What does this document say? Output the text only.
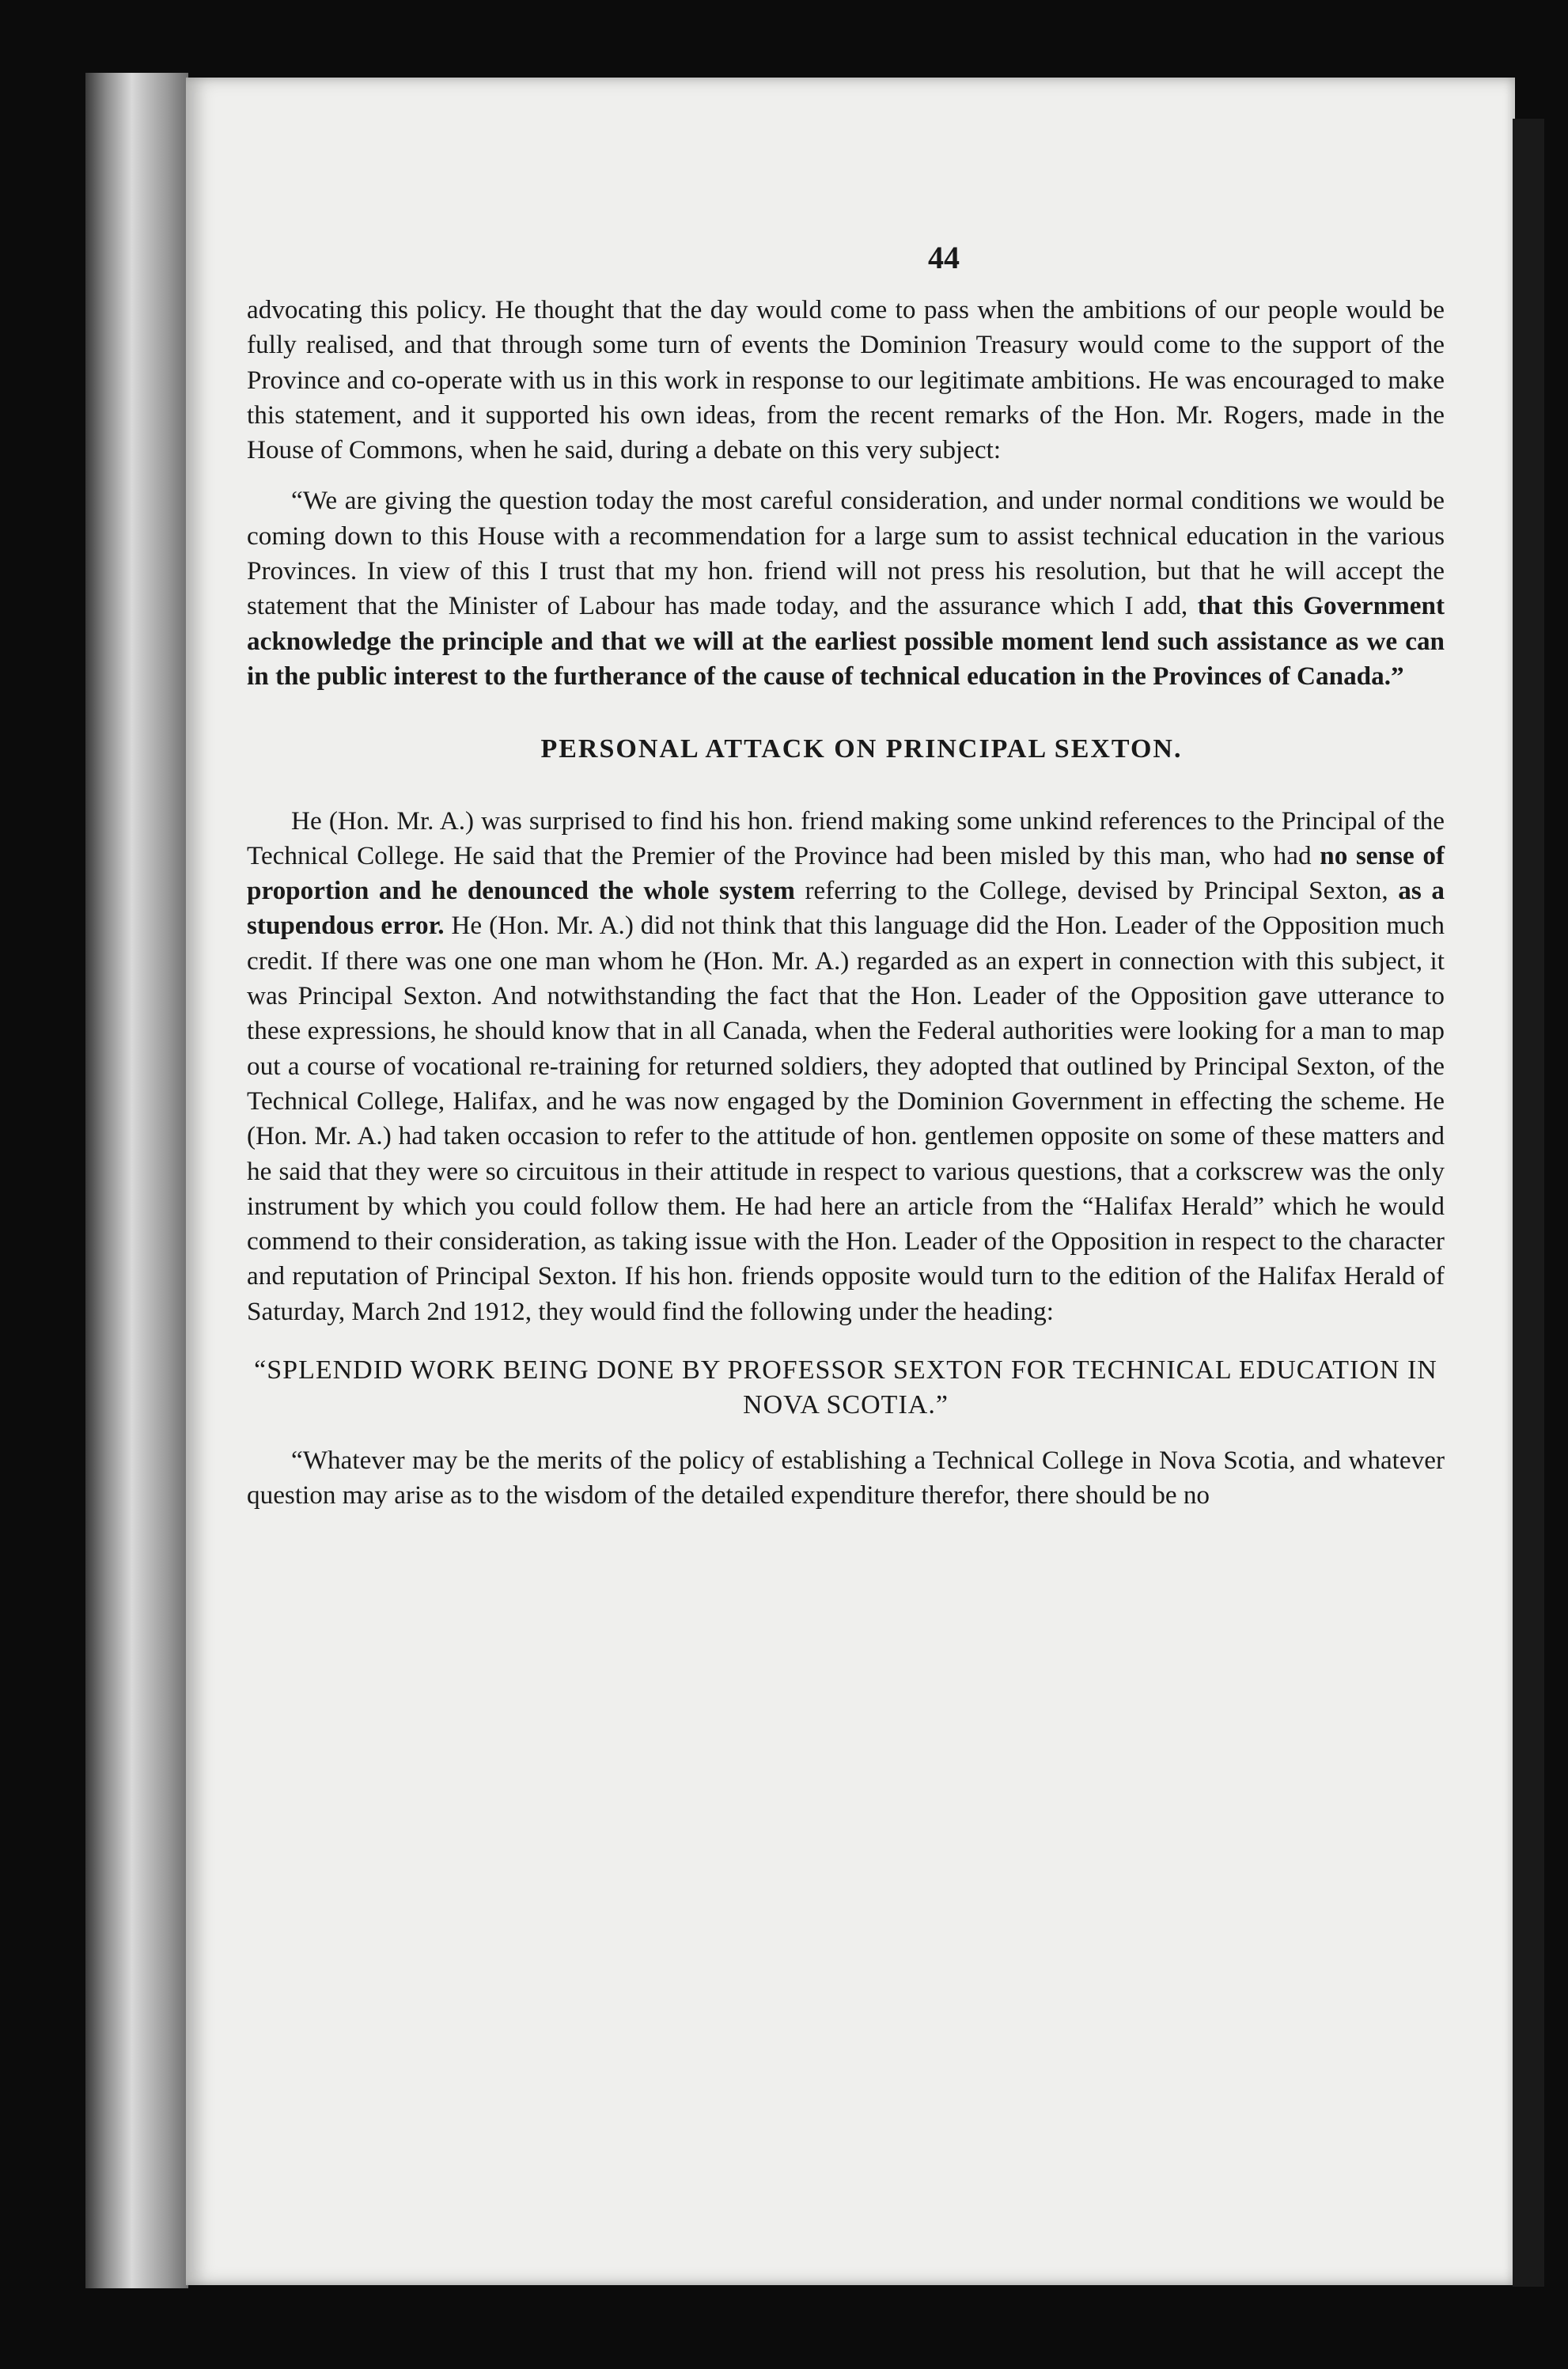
44

advocating this policy. He thought that the day would come to pass when the ambitions of our people would be fully realised, and that through some turn of events the Dominion Treasury would come to the support of the Province and co-operate with us in this work in response to our legitimate ambitions. He was encouraged to make this statement, and it supported his own ideas, from the recent remarks of the Hon. Mr. Rogers, made in the House of Commons, when he said, during a debate on this very subject:

“We are giving the question today the most careful consideration, and under normal conditions we would be coming down to this House with a recommendation for a large sum to assist technical education in the various Provinces. In view of this I trust that my hon. friend will not press his resolution, but that he will accept the statement that the Minister of Labour has made today, and the assurance which I add, that this Government acknowledge the principle and that we will at the earliest possible moment lend such assistance as we can in the public interest to the furtherance of the cause of technical education in the Provinces of Canada.”

PERSONAL ATTACK ON PRINCIPAL SEXTON.

He (Hon. Mr. A.) was surprised to find his hon. friend making some unkind references to the Principal of the Technical College. He said that the Premier of the Province had been misled by this man, who had no sense of proportion and he denounced the whole system referring to the College, devised by Principal Sexton, as a stupendous error. He (Hon. Mr. A.) did not think that this language did the Hon. Leader of the Opposition much credit. If there was one one man whom he (Hon. Mr. A.) regarded as an expert in connection with this subject, it was Principal Sexton. And notwithstanding the fact that the Hon. Leader of the Opposition gave utterance to these expressions, he should know that in all Canada, when the Federal authorities were looking for a man to map out a course of vocational re-training for returned soldiers, they adopted that outlined by Principal Sexton, of the Technical College, Halifax, and he was now engaged by the Dominion Government in effecting the scheme. He (Hon. Mr. A.) had taken occasion to refer to the attitude of hon. gentlemen opposite on some of these matters and he said that they were so circuitous in their attitude in respect to various questions, that a corkscrew was the only instrument by which you could follow them. He had here an article from the “Halifax Herald” which he would commend to their consideration, as taking issue with the Hon. Leader of the Opposition in respect to the character and reputation of Principal Sexton. If his hon. friends opposite would turn to the edition of the Halifax Herald of Saturday, March 2nd 1912, they would find the following under the heading:

“SPLENDID WORK BEING DONE BY PROFESSOR SEXTON FOR TECHNICAL EDUCATION IN NOVA SCOTIA.”

“Whatever may be the merits of the policy of establishing a Technical College in Nova Scotia, and whatever question may arise as to the wisdom of the detailed expenditure therefor, there should be no
